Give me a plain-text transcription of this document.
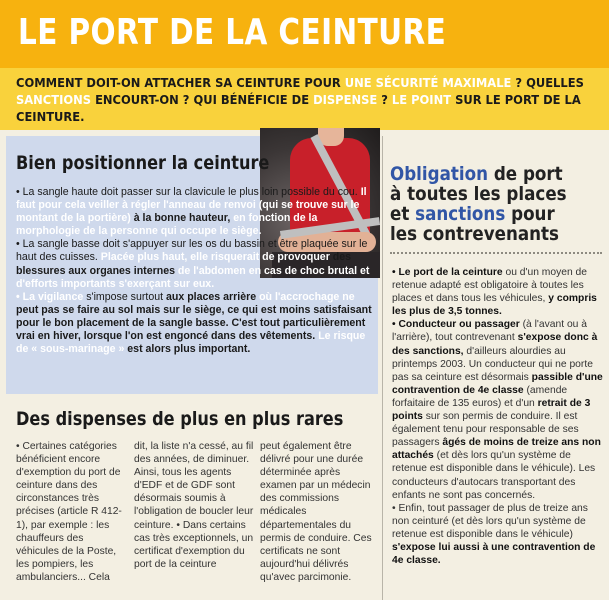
LE PORT DE LA CEINTURE

COMMENT DOIT-ON ATTACHER SA CEINTURE POUR UNE SÉCURITÉ MAXIMALE ? QUELLES SANCTIONS ENCOURT-ON ? QUI BÉNÉFICIE DE DISPENSE ? LE POINT SUR LE PORT DE LA CEINTURE.

Bien positionner la ceinture

• La sangle haute doit passer sur la clavicule le plus loin possible du cou. Il faut pour cela veiller à régler l'anneau de renvoi (qui se trouve sur le montant de la portière) à la bonne hauteur, en fonction de la morphologie de la personne qui occupe le siège.

• La sangle basse doit s'appuyer sur les os du bassin et être plaquée sur le haut des cuisses. Placée plus haut, elle risquerait de provoquer des blessures aux organes internes de l'abdomen en cas de choc brutal et d'efforts importants s'exerçant sur eux.

• La vigilance s'impose surtout aux places arrière où l'accrochage ne peut pas se faire au sol mais sur le siège, ce qui est moins satisfaisant pour le bon placement de la sangle basse. C'est tout particulièrement vrai en hiver, lorsque l'on est engoncé dans des vêtements. Le risque de « sous-marinage » est alors plus important.

Des dispenses de plus en plus rares
• Certaines catégories bénéficient encore d'exemption du port de ceinture dans des circonstances très précises (article R 412-1), par exemple : les chauffeurs des véhicules de la Poste, les pompiers, les ambulanciers... Cela
dit, la liste n'a cessé, au fil des années, de diminuer. Ainsi, tous les agents d'EDF et de GDF sont désormais soumis à l'obligation de boucler leur ceinture. • Dans certains cas très exceptionnels, un certificat d'exemption du port de la ceinture
peut également être délivré pour une durée déterminée après examen par un médecin des commissions médicales départementales du permis de conduire. Ces certificats ne sont aujourd'hui délivrés qu'avec parcimonie.
Obligation de port
à toutes les places
et sanctions pour
les contrevenants

• Le port de la ceinture ou d'un moyen de retenue adapté est obligatoire à toutes les places et dans tous les véhicules, y compris les plus de 3,5 tonnes.

• Conducteur ou passager (à l'avant ou à l'arrière), tout contrevenant s'expose donc à des sanctions, d'ailleurs alourdies au printemps 2003. Un conducteur qui ne porte pas sa ceinture est désormais passible d'une contravention de 4e classe (amende forfaitaire de 135 euros) et d'un retrait de 3 points sur son permis de conduire. Il est également tenu pour responsable de ses passagers âgés de moins de treize ans non attachés (et dès lors qu'un système de retenue est disponible dans le véhicule). Les conducteurs d'autocars transportant des enfants ne sont pas concernés.

• Enfin, tout passager de plus de treize ans non ceinturé (et dès lors qu'un système de retenue est disponible dans le véhicule) s'expose lui aussi à une contravention de 4e classe.
